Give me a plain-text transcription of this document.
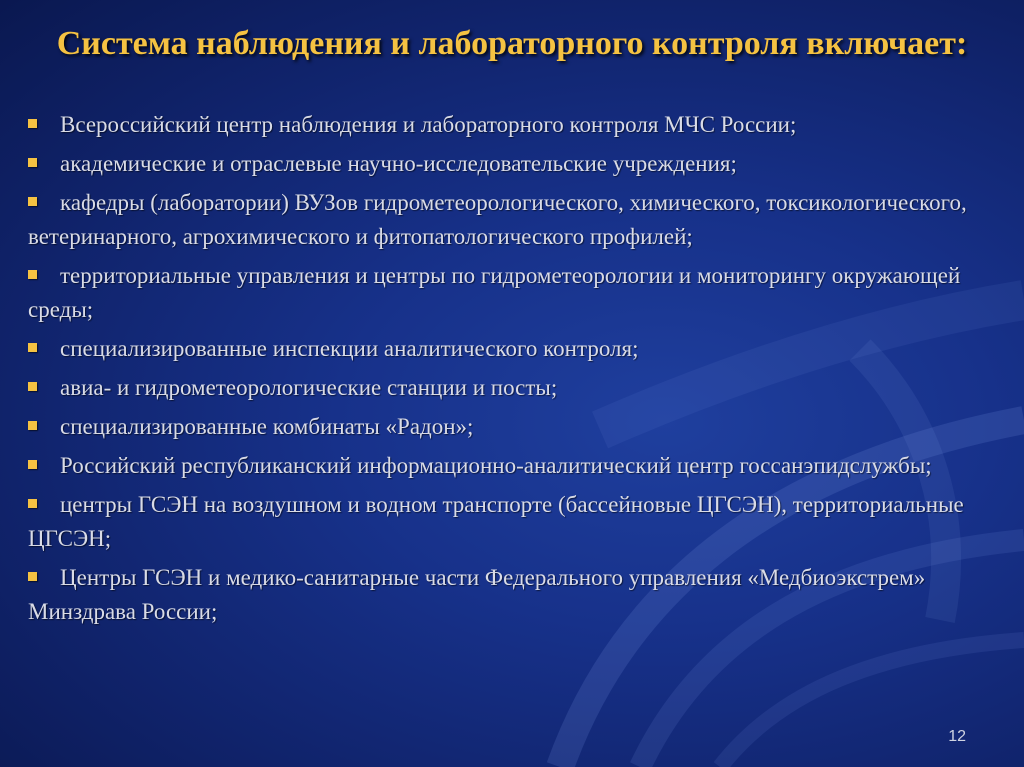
Система наблюдения и лабораторного контроля включает:
Всероссийский центр наблюдения и лабораторного контроля МЧС России;
академические и отраслевые научно-исследовательские учреждения;
кафедры (лаборатории) ВУЗов гидрометеорологического, химического, токсикологического, ветеринарного, агрохимического и фитопатологического профилей;
территориальные управления и центры по гидрометеорологии и мониторингу окружающей среды;
специализированные инспекции аналитического контроля;
авиа- и гидрометеорологические станции и посты;
специализированные комбинаты «Радон»;
Российский республиканский информационно-аналитический центр госсанэпидслужбы;
центры ГСЭН на воздушном и водном транспорте (бассейновые ЦГСЭН), территориальные ЦГСЭН;
Центры ГСЭН и медико-санитарные части Федерального управления «Медбиоэкстрем» Минздрава России;
12
